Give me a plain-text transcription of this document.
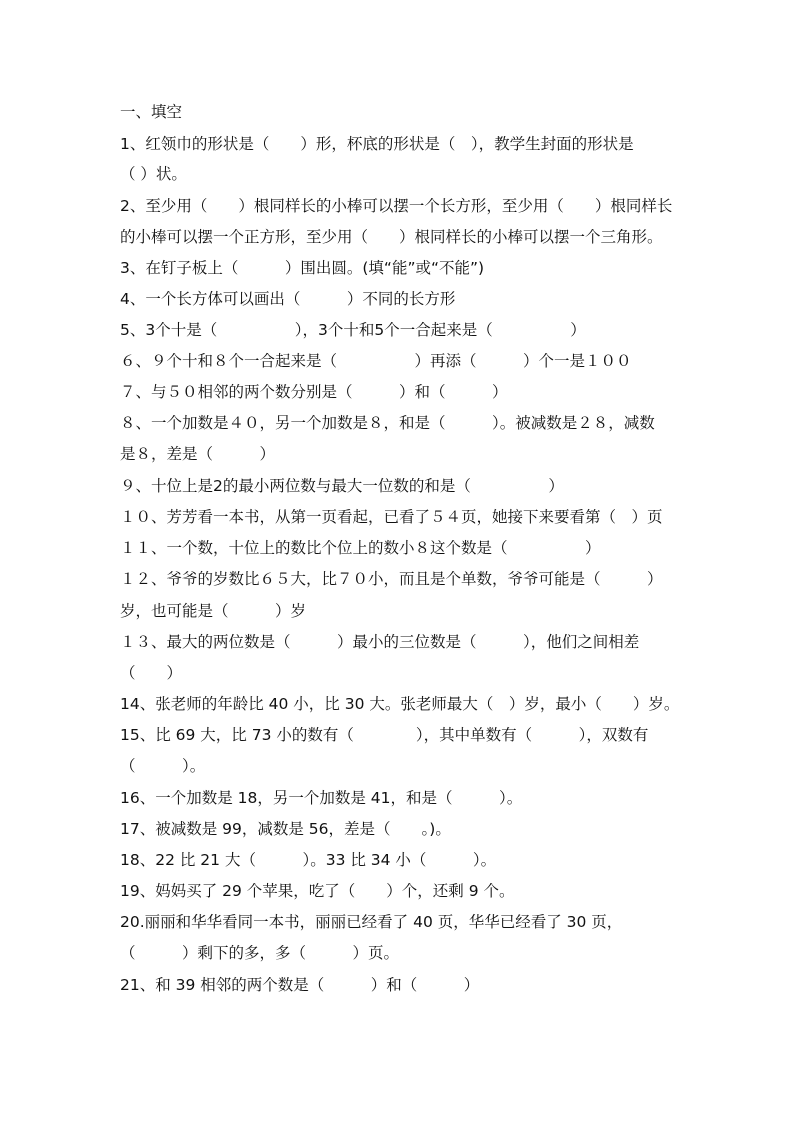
一、填空
1、红领巾的形状是（　　）形，杯底的形状是（　），教学生封面的形状是
（ ）状。
2、至少用（　　）根同样长的小棒可以摆一个长方形，至少用（　　）根同样长
的小棒可以摆一个正方形，至少用（　　）根同样长的小棒可以摆一个三角形。
3、在钉子板上（　　　）围出圆。(填“能”或“不能”)
4、一个长方体可以画出（　　　）不同的长方形
5、3个十是（　　　　　），3个十和5个一合起来是（　　　　　）
６、９个十和８个一合起来是（　　　　　）再添（　　　）个一是１００
７、与５０相邻的两个数分别是（　　　）和（　　　）
８、一个加数是４０，另一个加数是８，和是（　　　）。被减数是２８，减数
是８，差是（　　　）
９、十位上是2的最小两位数与最大一位数的和是（　　　　　）
１０、芳芳看一本书，从第一页看起，已看了５４页，她接下来要看第（　）页
１１、一个数，十位上的数比个位上的数小８这个数是（　　　　　）
１２、爷爷的岁数比６５大，比７０小，而且是个单数，爷爷可能是（　　　）
岁，也可能是（　　　）岁
１３、最大的两位数是（　　　）最小的三位数是（　　　），他们之间相差
（　　）
14、张老师的年龄比 40 小，比 30 大。张老师最大（　）岁，最小（　　）岁。
15、比 69 大，比 73 小的数有（　　　　），其中单数有（　　　），双数有
（　　　）。
16、一个加数是 18，另一个加数是 41，和是（　　　）。
17、被减数是 99，减数是 56，差是（　　。)。
18、22 比 21 大（　　　）。33 比 34 小（　　　）。
19、妈妈买了 29 个苹果，吃了（　　）个，还剩 9 个。
20.丽丽和华华看同一本书，丽丽已经看了 40 页，华华已经看了 30 页，
（　　　）剩下的多，多（　　　）页。
21、和 39 相邻的两个数是（　　　）和（　　　）
